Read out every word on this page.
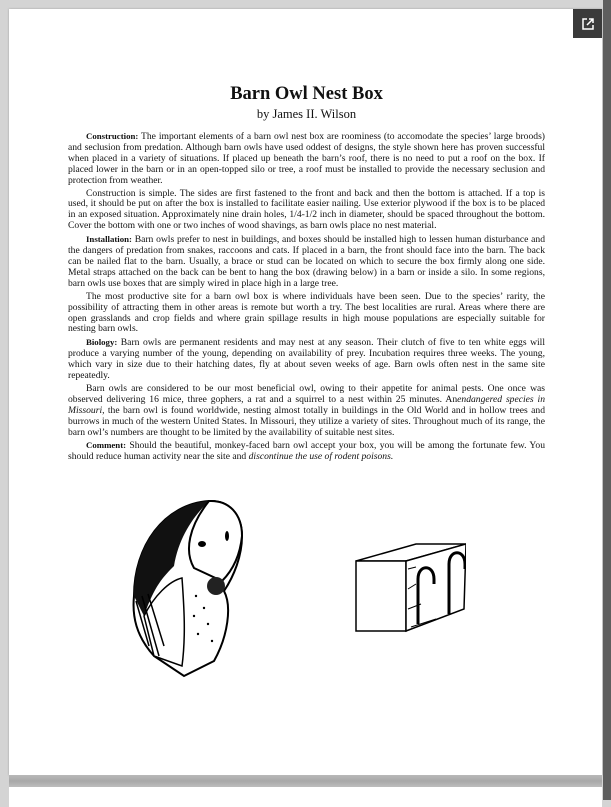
Barn Owl Nest Box
by James II. Wilson

Construction: The important elements of a barn owl nest box are roominess (to accomodate the species’ large broods) and seclusion from predation. Although barn owls have used oddest of designs, the style shown here has proven successful when placed in a variety of situations. If placed up beneath the barn’s roof, there is no need to put a roof on the box. If placed lower in the barn or in an open-topped silo or tree, a roof must be installed to provide the necessary seclusion and protection from weather.

Construction is simple. The sides are first fastened to the front and back and then the bottom is attached. If a top is used, it should be put on after the box is installed to facilitate easier nailing. Use exterior plywood if the box is to be placed in an exposed situation. Approximately nine drain holes, 1/4-1/2 inch in diameter, should be spaced throughout the bottom. Cover the bottom with one or two inches of wood shavings, as barn owls place no nest material.

Installation: Barn owls prefer to nest in buildings, and boxes should be installed high to lessen human disturbance and the dangers of predation from snakes, raccoons and cats. If placed in a barn, the front should face into the barn. The back can be nailed flat to the barn. Usually, a brace or stud can be located on which to secure the box firmly along one side. Metal straps attached on the back can be bent to hang the box (drawing below) in a barn or inside a silo. In some regions, barn owls use boxes that are simply wired in place high in a large tree.

The most productive site for a barn owl box is where individuals have been seen. Due to the species’ rarity, the possibility of attracting them in other areas is remote but worth a try. The best localities are rural. Areas where there are open grasslands and crop fields and where grain spillage results in high mouse populations are especially suitable for nesting barn owls.

Biology: Barn owls are permanent residents and may nest at any season. Their clutch of five to ten white eggs will produce a varying number of the young, depending on availability of prey. Incubation requires three weeks. The young, which vary in size due to their hatching dates, fly at about seven weeks of age. Barn owls often nest in the same site repeatedly.

Barn owls are considered to be our most beneficial owl, owing to their appetite for animal pests. One once was observed delivering 16 mice, three gophers, a rat and a squirrel to a nest within 25 minutes. Anendangered species in Missouri, the barn owl is found worldwide, nesting almost totally in buildings in the Old World and in hollow trees and burrows in much of the western United States. In Missouri, they utilize a variety of sites. Throughout much of its range, the barn owl’s numbers are thought to be limited by the availability of suitable nest sites.

Comment: Should the beautiful, monkey-faced barn owl accept your box, you will be among the fortunate few. You should reduce human activity near the site and discontinue the use of rodent poisons.
